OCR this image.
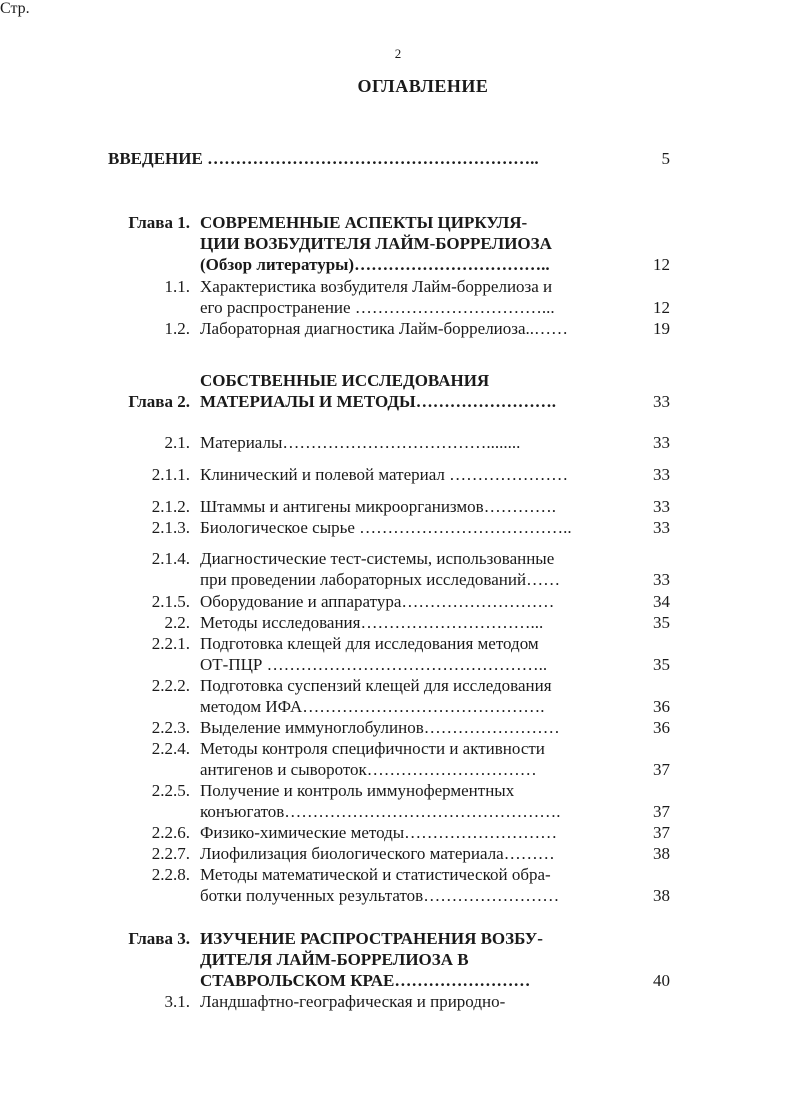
2
ОГЛАВЛЕНИЕ
Стр.
ВВЕДЕНИЕ …………………………………………………..	5
Глава 1. СОВРЕМЕННЫЕ АСПЕКТЫ ЦИРКУЛЯ-
ЦИИ ВОЗБУДИТЕЛЯ ЛАЙМ-БОРРЕЛИОЗА
(Обзор литературы)……………………………..	12
1.1. Характеристика возбудителя Лайм-боррелиоза и
его распространение ……………………………...	12
1.2. Лабораторная диагностика Лайм-боррелиоза..……	19
СОБСТВЕННЫЕ ИССЛЕДОВАНИЯ
Глава 2. МАТЕРИАЛЫ И МЕТОДЫ…………………….	33
2.1. Материалы………………………………........	33
2.1.1. Клинический и полевой материал …………………	33
2.1.2. Штаммы и антигены микроорганизмов………….	33
2.1.3. Биологическое сырье ………………………………..	33
2.1.4. Диагностические тест-системы, использованные
при проведении лабораторных исследований……	33
2.1.5. Оборудование и аппаратура………………………	34
2.2. Методы исследования…………………………...	35
2.2.1. Подготовка клещей для исследования методом
ОТ-ПЦР …………………………………………..	35
2.2.2. Подготовка суспензий клещей для исследования
методом ИФА…………………………………….	36
2.2.3. Выделение иммуноглобулинов……………………	36
2.2.4. Методы контроля специфичности и активности
антигенов и сывороток…………………………	37
2.2.5. Получение и контроль иммуноферментных
конъюгатов………………………………………….	37
2.2.6. Физико-химические методы………………………	37
2.2.7. Лиофилизация биологического материала………	38
2.2.8. Методы математической и статистической обра-
ботки полученных результатов……………………	38
Глава 3. ИЗУЧЕНИЕ РАСПРОСТРАНЕНИЯ ВОЗБУ-
ДИТЕЛЯ ЛАЙМ-БОРРЕЛИОЗА В
СТАВРОЛЬСКОМ КРАЕ……………………	40
3.1. Ландшафтно-географическая и природно-
